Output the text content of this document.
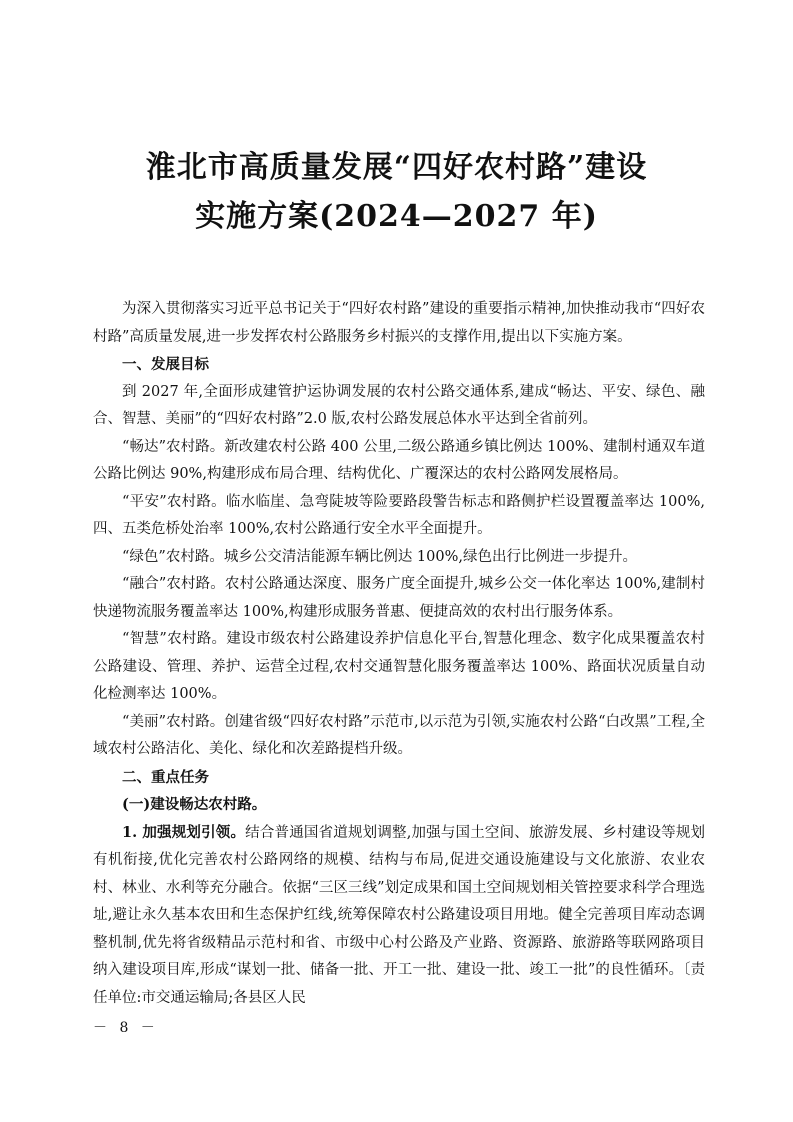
淮北市高质量发展“四好农村路”建设
实施方案(2024—2027 年)

为深入贯彻落实习近平总书记关于“四好农村路”建设的重要指示精神,加快推动我市“四好农村路”高质量发展,进一步发挥农村公路服务乡村振兴的支撑作用,提出以下实施方案。

一、发展目标

到 2027 年,全面形成建管护运协调发展的农村公路交通体系,建成“畅达、平安、绿色、融合、智慧、美丽”的“四好农村路”2.0 版,农村公路发展总体水平达到全省前列。

“畅达”农村路。新改建农村公路 400 公里,二级公路通乡镇比例达 100%、建制村通双车道公路比例达 90%,构建形成布局合理、结构优化、广覆深达的农村公路网发展格局。

“平安”农村路。临水临崖、急弯陡坡等险要路段警告标志和路侧护栏设置覆盖率达 100%,四、五类危桥处治率 100%,农村公路通行安全水平全面提升。

“绿色”农村路。城乡公交清洁能源车辆比例达 100%,绿色出行比例进一步提升。

“融合”农村路。农村公路通达深度、服务广度全面提升,城乡公交一体化率达 100%,建制村快递物流服务覆盖率达 100%,构建形成服务普惠、便捷高效的农村出行服务体系。

“智慧”农村路。建设市级农村公路建设养护信息化平台,智慧化理念、数字化成果覆盖农村公路建设、管理、养护、运营全过程,农村交通智慧化服务覆盖率达 100%、路面状况质量自动化检测率达 100%。

“美丽”农村路。创建省级“四好农村路”示范市,以示范为引领,实施农村公路“白改黑”工程,全域农村公路洁化、美化、绿化和次差路提档升级。

二、重点任务

(一)建设畅达农村路。

1. 加强规划引领。结合普通国省道规划调整,加强与国土空间、旅游发展、乡村建设等规划有机衔接,优化完善农村公路网络的规模、结构与布局,促进交通设施建设与文化旅游、农业农村、林业、水利等充分融合。依据“三区三线”划定成果和国土空间规划相关管控要求科学合理选址,避让永久基本农田和生态保护红线,统筹保障农村公路建设项目用地。健全完善项目库动态调整机制,优先将省级精品示范村和省、市级中心村公路及产业路、资源路、旅游路等联网路项目纳入建设项目库,形成“谋划一批、储备一批、开工一批、建设一批、竣工一批”的良性循环。〔责任单位:市交通运输局;各县区人民

－ 8 －
